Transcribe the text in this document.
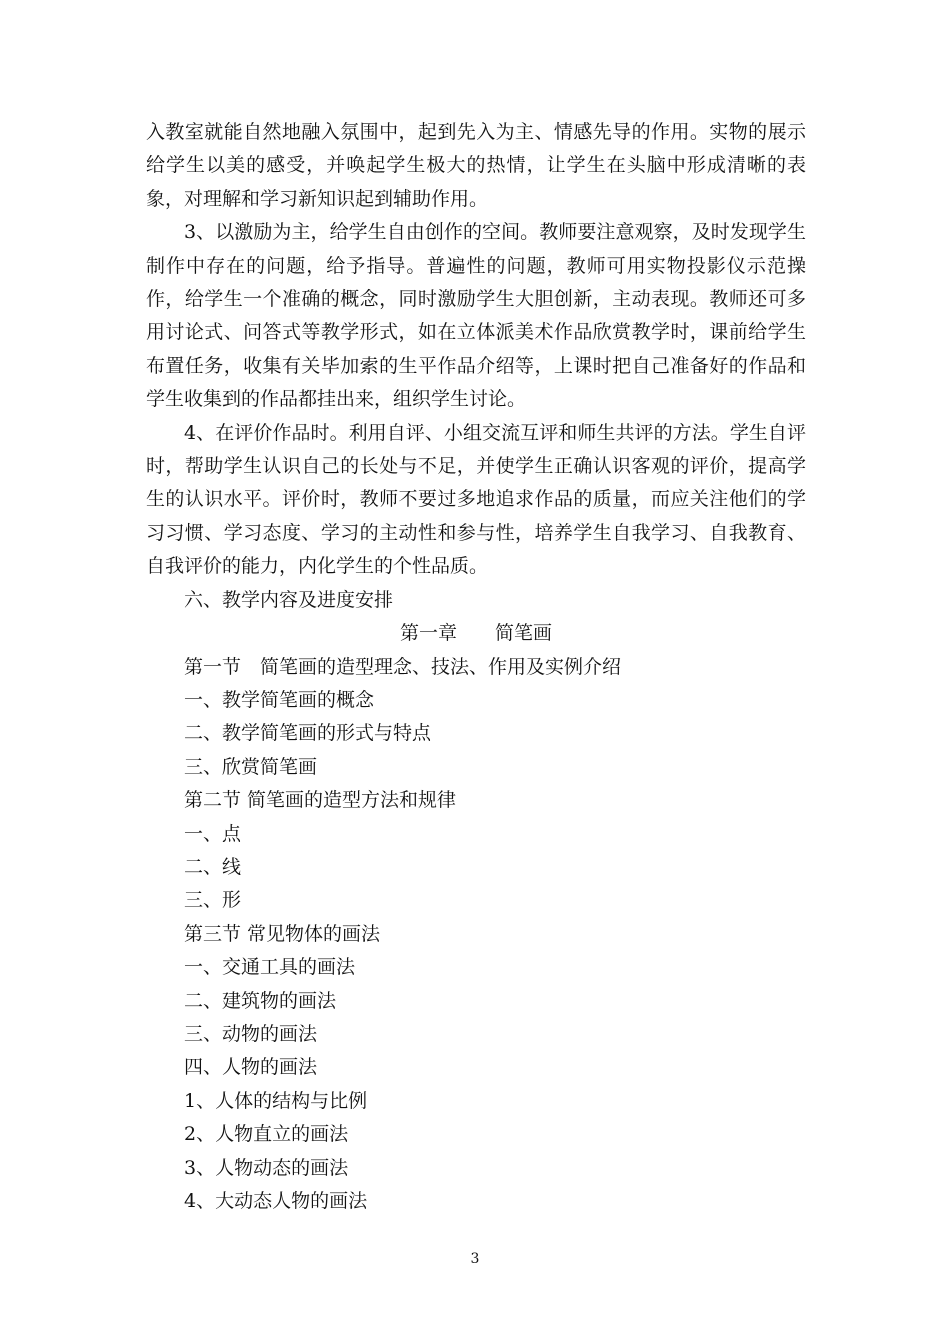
入教室就能自然地融入氛围中，起到先入为主、情感先导的作用。实物的展示给学生以美的感受，并唤起学生极大的热情，让学生在头脑中形成清晰的表象，对理解和学习新知识起到辅助作用。

3、以激励为主，给学生自由创作的空间。教师要注意观察，及时发现学生制作中存在的问题，给予指导。普遍性的问题，教师可用实物投影仪示范操作，给学生一个准确的概念，同时激励学生大胆创新，主动表现。教师还可多用讨论式、问答式等教学形式，如在立体派美术作品欣赏教学时，课前给学生布置任务，收集有关毕加索的生平作品介绍等，上课时把自己准备好的作品和学生收集到的作品都挂出来，组织学生讨论。

4、在评价作品时。利用自评、小组交流互评和师生共评的方法。学生自评时，帮助学生认识自己的长处与不足，并使学生正确认识客观的评价，提高学生的认识水平。评价时，教师不要过多地追求作品的质量，而应关注他们的学习习惯、学习态度、学习的主动性和参与性，培养学生自我学习、自我教育、自我评价的能力，内化学生的个性品质。

六、教学内容及进度安排

第一章　　简笔画

第一节　简笔画的造型理念、技法、作用及实例介绍

一、教学简笔画的概念

二、教学简笔画的形式与特点

三、欣赏简笔画

第二节 简笔画的造型方法和规律

一、点

二、线

三、形

第三节 常见物体的画法

一、交通工具的画法

二、建筑物的画法

三、动物的画法

四、人物的画法

1、人体的结构与比例

2、人物直立的画法

3、人物动态的画法

4、大动态人物的画法

3
